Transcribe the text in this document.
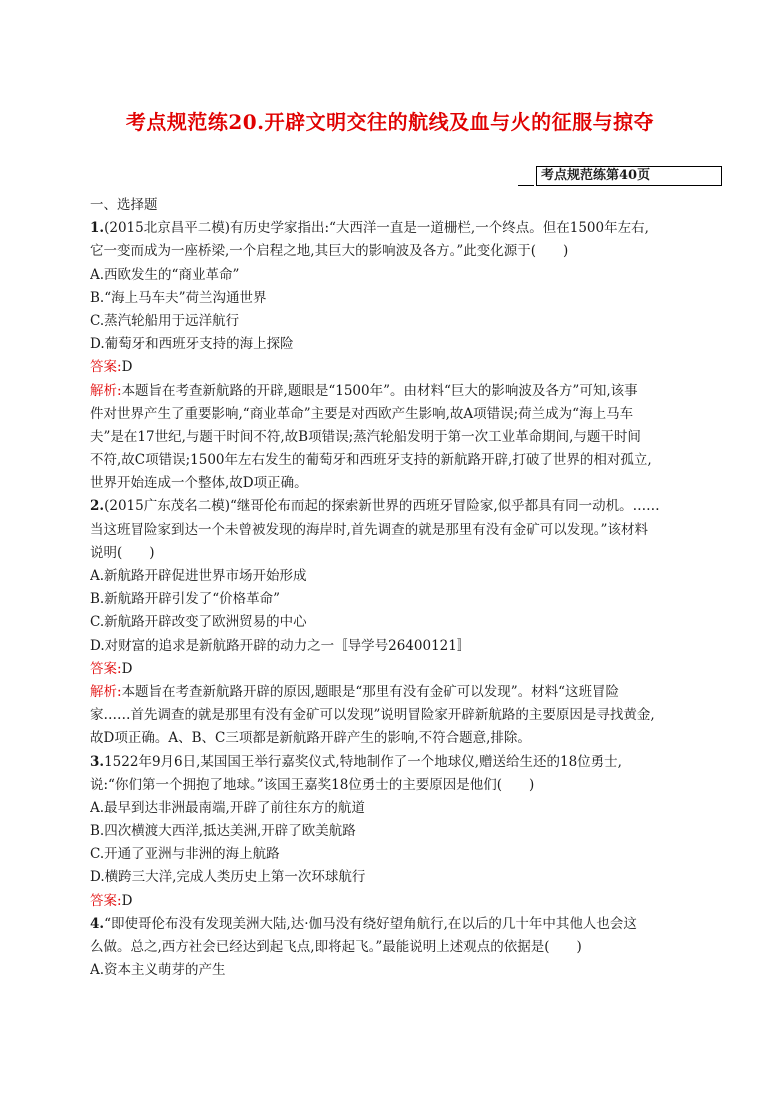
考点规范练20.开辟文明交往的航线及血与火的征服与掠夺
考点规范练第40页
一、选择题
1.(2015北京昌平二模)有历史学家指出:“大西洋一直是一道栅栏,一个终点。但在1500年左右,
它一变而成为一座桥梁,一个启程之地,其巨大的影响波及各方。”此变化源于(　　)
A.西欧发生的“商业革命”
B.“海上马车夫”荷兰沟通世界
C.蒸汽轮船用于远洋航行
D.葡萄牙和西班牙支持的海上探险
答案:D
解析:本题旨在考查新航路的开辟,题眼是“1500年”。由材料“巨大的影响波及各方”可知,该事
件对世界产生了重要影响,“商业革命”主要是对西欧产生影响,故A项错误;荷兰成为“海上马车
夫”是在17世纪,与题干时间不符,故B项错误;蒸汽轮船发明于第一次工业革命期间,与题干时间
不符,故C项错误;1500年左右发生的葡萄牙和西班牙支持的新航路开辟,打破了世界的相对孤立,
世界开始连成一个整体,故D项正确。
2.(2015广东茂名二模)“继哥伦布而起的探索新世界的西班牙冒险家,似乎都具有同一动机。……
当这班冒险家到达一个未曾被发现的海岸时,首先调查的就是那里有没有金矿可以发现。”该材料
说明(　　)
A.新航路开辟促进世界市场开始形成
B.新航路开辟引发了“价格革命”
C.新航路开辟改变了欧洲贸易的中心
D.对财富的追求是新航路开辟的动力之一〚导学号26400121〛
答案:D
解析:本题旨在考查新航路开辟的原因,题眼是“那里有没有金矿可以发现”。材料“这班冒险
家……首先调查的就是那里有没有金矿可以发现”说明冒险家开辟新航路的主要原因是寻找黄金,
故D项正确。A、B、C三项都是新航路开辟产生的影响,不符合题意,排除。
3.1522年9月6日,某国国王举行嘉奖仪式,特地制作了一个地球仪,赠送给生还的18位勇士,
说:“你们第一个拥抱了地球。”该国王嘉奖18位勇士的主要原因是他们(　　)
A.最早到达非洲最南端,开辟了前往东方的航道
B.四次横渡大西洋,抵达美洲,开辟了欧美航路
C.开通了亚洲与非洲的海上航路
D.横跨三大洋,完成人类历史上第一次环球航行
答案:D
4.“即使哥伦布没有发现美洲大陆,达·伽马没有绕好望角航行,在以后的几十年中其他人也会这
么做。总之,西方社会已经达到起飞点,即将起飞。”最能说明上述观点的依据是(　　)
A.资本主义萌芽的产生
